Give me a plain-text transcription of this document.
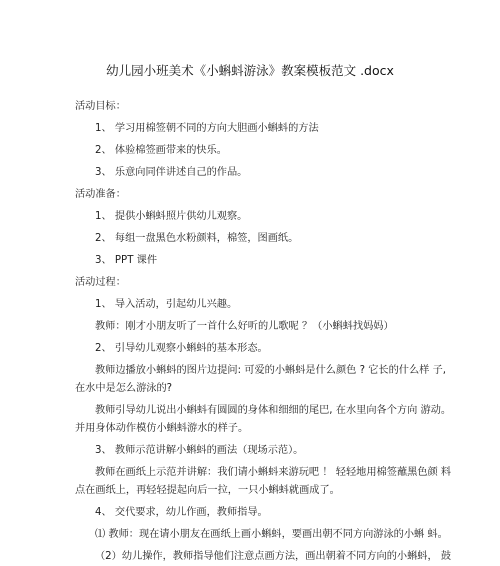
幼儿园小班美术《小蝌蚪游泳》教案模板范文 .docx
活动目标：
1、 学习用棉签朝不同的方向大胆画小蝌蚪的方法
2、 体验棉签画带来的快乐。
3、 乐意向同伴讲述自己的作品。
活动准备：
1、 提供小蝌蚪照片供幼儿观察。
2、 每组一盘黑色水粉颜料，棉签，图画纸。
3、 PPT 课件
活动过程：
1、 导入活动，引起幼儿兴趣。
教师：刚才小朋友听了一首什么好听的儿歌呢 ？（小蝌蚪找妈妈）
2、 引导幼儿观察小蝌蚪的基本形态。
教师边播放小蝌蚪的图片边提问: 可爱的小蝌蚪是什么颜色 ? 它长的什么样 子,
在水中是怎么游泳的?
教师引导幼儿说出小蝌蚪有圆圆的身体和细细的尾巴, 在水里向各个方向 游动。
并用身体动作模仿小蝌蚪游水的样子。
3、 教师示范讲解小蝌蚪的画法（现场示范）。
教师在画纸上示范并讲解：我们请小蝌蚪来游玩吧 ！ 轻轻地用棉签蘸黑色颜 料
点在画纸上，再轻轻提起向后一拉，一只小蝌蚪就画成了。
4、 交代要求，幼儿作画，教师指导。
⑴ 教师：现在请小朋友在画纸上画小蝌蚪，要画出朝不同方向游泳的小蝌 蚪。
（2）幼儿操作，教师指导他们注意点画方法，画出朝着不同方向的小蝌蚪， 鼓
